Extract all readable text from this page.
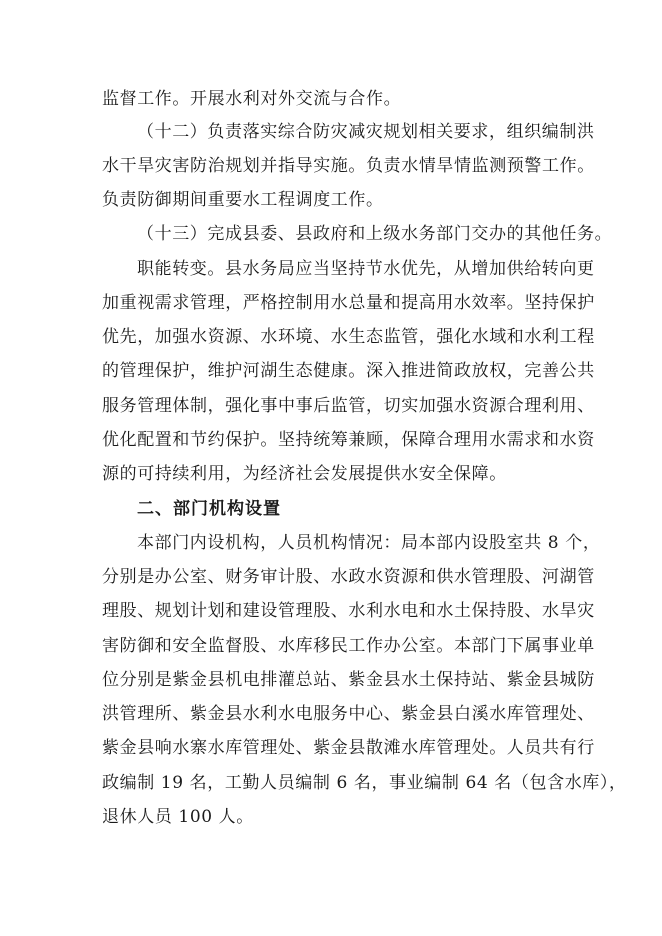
监督工作。开展水利对外交流与合作。
（十二）负责落实综合防灾减灾规划相关要求，组织编制洪
水干旱灾害防治规划并指导实施。负责水情旱情监测预警工作。
负责防御期间重要水工程调度工作。
（十三）完成县委、县政府和上级水务部门交办的其他任务。
职能转变。县水务局应当坚持节水优先，从增加供给转向更
加重视需求管理，严格控制用水总量和提高用水效率。坚持保护
优先，加强水资源、水环境、水生态监管，强化水域和水利工程
的管理保护，维护河湖生态健康。深入推进简政放权，完善公共
服务管理体制，强化事中事后监管，切实加强水资源合理利用、
优化配置和节约保护。坚持统筹兼顾，保障合理用水需求和水资
源的可持续利用，为经济社会发展提供水安全保障。
二、部门机构设置
本部门内设机构，人员机构情况：局本部内设股室共 8 个，
分别是办公室、财务审计股、水政水资源和供水管理股、河湖管
理股、规划计划和建设管理股、水利水电和水土保持股、水旱灾
害防御和安全监督股、水库移民工作办公室。本部门下属事业单
位分别是紫金县机电排灌总站、紫金县水土保持站、紫金县城防
洪管理所、紫金县水利水电服务中心、紫金县白溪水库管理处、
紫金县响水寨水库管理处、紫金县散滩水库管理处。人员共有行
政编制 19 名，工勤人员编制 6 名，事业编制 64 名（包含水库），
退休人员 100 人。
